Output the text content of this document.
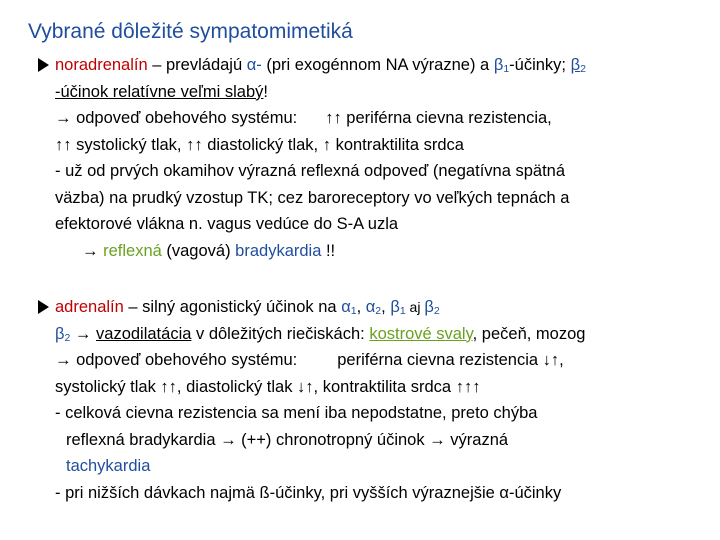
Vybrané dôležité sympatomimetiká
noradrenalín – prevládajú α- (pri exogénnom NA výrazne) a β1-účinky; β2
-účinok relatívne veľmi slabý!
→ odpoveď obehového systému: ↑↑ periférna cievna rezistencia,
↑↑ systolický tlak, ↑↑ diastolický tlak, ↑ kontraktilita srdca
- už od prvých okamihov výrazná reflexná odpoveď (negatívna spätná
väzba) na prudký vzostup TK; cez baroreceptory vo veľkých tepnách a
efektorové vlákna n. vagus vedúce do S-A uzla
→ reflexná (vagová) bradykardia !!
adrenalín – silný agonistický účinok na α1, α2, β1 aj β2
β2 → vazodilatácia v dôležitých riečiskách: kostrové svaly, pečeň, mozog
→ odpoveď obehového systému: periférna cievna rezistencia ↓↑,
systolický tlak ↑↑, diastolický tlak ↓↑, kontraktilita srdca ↑↑↑
- celková cievna rezistencia sa mení iba nepodstatne, preto chýba
reflexná bradykardia → (++) chronotropný účinok → výrazná
tachykardia
- pri nižších dávkach najmä ß-účinky, pri vyšších výraznejšie α-účinky
